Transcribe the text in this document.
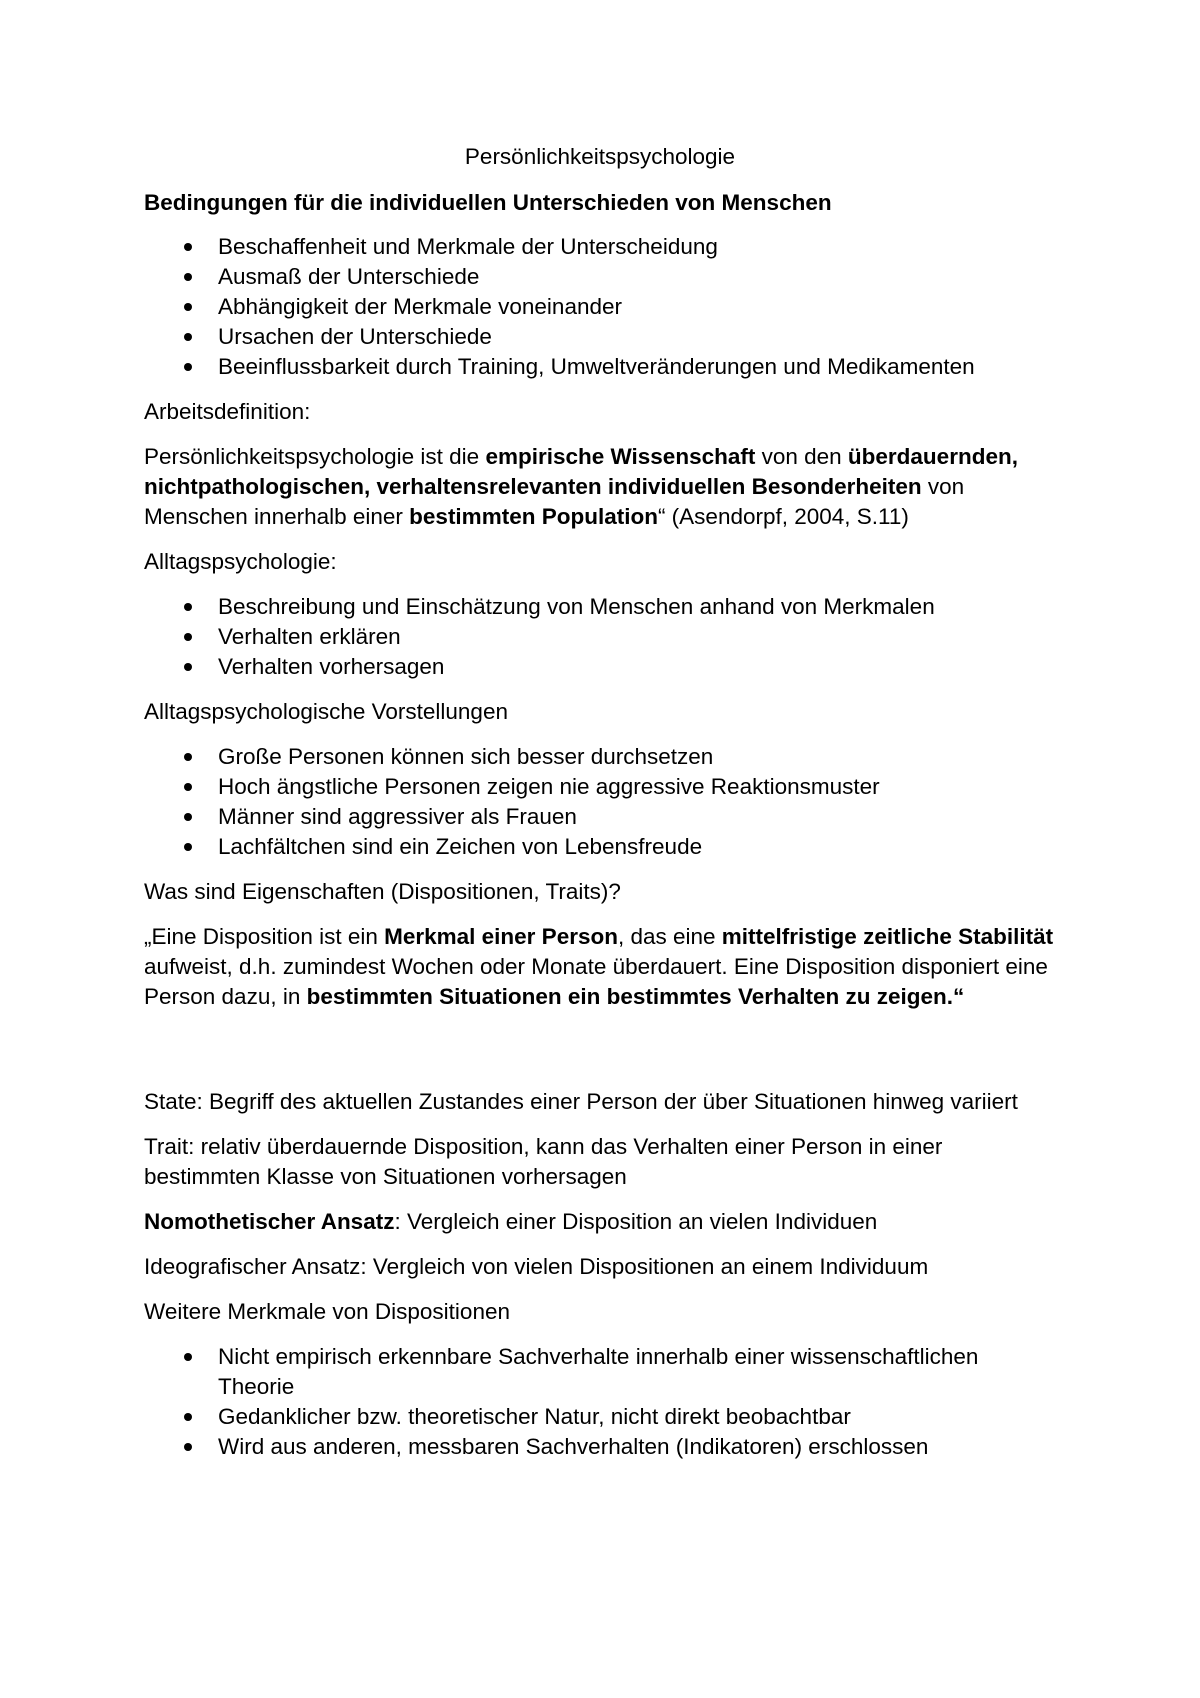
Persönlichkeitspsychologie
Bedingungen für die individuellen Unterschieden von Menschen
Beschaffenheit und Merkmale der Unterscheidung
Ausmaß der Unterschiede
Abhängigkeit der Merkmale voneinander
Ursachen der Unterschiede
Beeinflussbarkeit durch Training, Umweltveränderungen und Medikamenten

Arbeitsdefinition:

Persönlichkeitspsychologie ist die empirische Wissenschaft von den überdauernden, nichtpathologischen, verhaltensrelevanten individuellen Besonderheiten von Menschen innerhalb einer bestimmten Population“ (Asendorpf, 2004, S.11)

Alltagspsychologie:

Beschreibung und Einschätzung von Menschen anhand von Merkmalen
Verhalten erklären
Verhalten vorhersagen

Alltagspsychologische Vorstellungen

Große Personen können sich besser durchsetzen
Hoch ängstliche Personen zeigen nie aggressive Reaktionsmuster
Männer sind aggressiver als Frauen
Lachfältchen sind ein Zeichen von Lebensfreude

Was sind Eigenschaften (Dispositionen, Traits)?

„Eine Disposition ist ein Merkmal einer Person, das eine mittelfristige zeitliche Stabilität aufweist, d.h. zumindest Wochen oder Monate überdauert. Eine Disposition disponiert eine Person dazu, in bestimmten Situationen ein bestimmtes Verhalten zu zeigen.“

State: Begriff des aktuellen Zustandes einer Person der über Situationen hinweg variiert

Trait: relativ überdauernde Disposition, kann das Verhalten einer Person in einer bestimmten Klasse von Situationen vorhersagen

Nomothetischer Ansatz: Vergleich einer Disposition an vielen Individuen

Ideografischer Ansatz: Vergleich von vielen Dispositionen an einem Individuum

Weitere Merkmale von Dispositionen

Nicht empirisch erkennbare Sachverhalte innerhalb einer wissenschaftlichen Theorie
Gedanklicher bzw. theoretischer Natur, nicht direkt beobachtbar
Wird aus anderen, messbaren Sachverhalten (Indikatoren) erschlossen
